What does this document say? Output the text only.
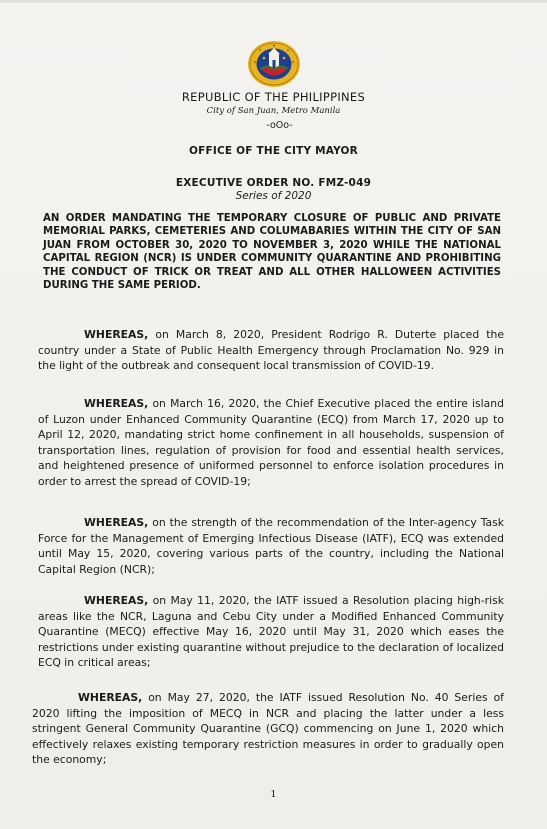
REPUBLIC OF THE PHILIPPINES
City of San Juan, Metro Manila
-oOo-
OFFICE OF THE CITY MAYOR
EXECUTIVE ORDER NO. FMZ-049
Series of 2020
AN ORDER MANDATING THE TEMPORARY CLOSURE OF PUBLIC AND PRIVATE MEMORIAL PARKS, CEMETERIES AND COLUMABARIES WITHIN THE CITY OF SAN JUAN FROM OCTOBER 30, 2020 TO NOVEMBER 3, 2020 WHILE THE NATIONAL CAPITAL REGION (NCR) IS UNDER COMMUNITY QUARANTINE AND PROHIBITING THE CONDUCT OF TRICK OR TREAT AND ALL OTHER HALLOWEEN ACTIVITIES DURING THE SAME PERIOD.
WHEREAS, on March 8, 2020, President Rodrigo R. Duterte placed the country under a State of Public Health Emergency through Proclamation No. 929 in the light of the outbreak and consequent local transmission of COVID-19.
WHEREAS, on March 16, 2020, the Chief Executive placed the entire island of Luzon under Enhanced Community Quarantine (ECQ) from March 17, 2020 up to April 12, 2020, mandating strict home confinement in all households, suspension of transportation lines, regulation of provision for food and essential health services, and heightened presence of uniformed personnel to enforce isolation procedures in order to arrest the spread of COVID-19;
WHEREAS, on the strength of the recommendation of the Inter-agency Task Force for the Management of Emerging Infectious Disease (IATF), ECQ was extended until May 15, 2020, covering various parts of the country, including the National Capital Region (NCR);
WHEREAS, on May 11, 2020, the IATF issued a Resolution placing high-risk areas like the NCR, Laguna and Cebu City under a Modified Enhanced Community Quarantine (MECQ) effective May 16, 2020 until May 31, 2020 which eases the restrictions under existing quarantine without prejudice to the declaration of localized ECQ in critical areas;
WHEREAS, on May 27, 2020, the IATF issued Resolution No. 40 Series of 2020 lifting the imposition of MECQ in NCR and placing the latter under a less stringent General Community Quarantine (GCQ) commencing on June 1, 2020 which effectively relaxes existing temporary restriction measures in order to gradually open the economy;
1
